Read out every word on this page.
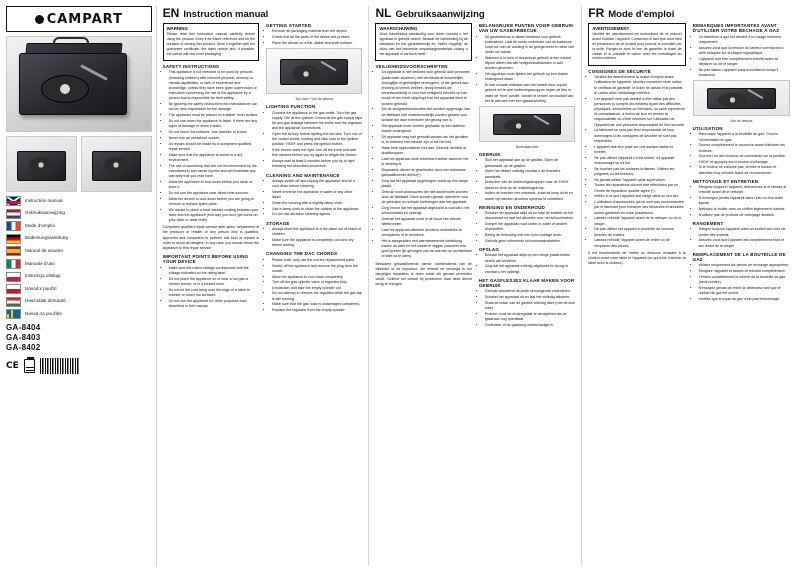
CAMPART
Instruction manual
Gebruiksaanwijzing
Mode d'emploi
Bedienungsanleitung
Manual de usuario
Manuale d'uso
Instrukcja obsługi
Návod k použití
Használati útmutató
Návod na použitie
GA-8404
GA-8403
GA-8402
CE
EN Instruction manual
WARNING

Please read this instruction manual carefully before using the product. Keep it for future reference and for the duration of owning this product. Store it together with the guarantee certificate, the sales receipt and, if possible, the carton with the inner packaging.

SAFETY INSTRUCTIONS
• This appliance is not intended to be used by persons (including children) with reduced physical, sensory or mental capabilities, or lack of experience and knowledge, unless they have been given supervision or instruction concerning the use of the appliance by a person that is responsible for their safety.
• By ignoring the safety instructions the manufacturer can not be held responsible for the damage.
• The appliance must be placed on a stable, level surface.
• Do not use when the appliance is fallen, if there are any signs of damage or when it leaks.
• Do not touch hot surfaces. Use handles or knobs.
• Never use an unearthed socket.
• All repairs should be made by a competent qualified repair service.
• Make sure that the appliance is stored in a dry environment.
• The use of accessory that are not recommended by the manufacturer can cause injuries and will invalidate any warranty that you may have.
• Allow the appliance to cool down before you clean or store it.
• Do not use the appliance near direct heat sources.
• Allow the device to cool down before you are going to remove or replace spare parts.
• We advise to place a heat insulant coating between your table and the appliance (this way you don't get burns on your table or table cloth).

Competent qualified repair service after sales: department of the producer or retailer or any person who is qualified, approved and competent to perform this kind of repairs in order to avoid all dangers. In any case you should return the appliance to this repair service.

IMPORTANT POINTS BEFORE USING YOUR DEVICE
• Make sure the mains voltage corresponds with the voltage indicated on the rating label.
• Do not place the appliance on or near a hot gas or electric burner, or in a heated oven.
• Do not let the cord hang over the edge of a table or counter or touch hot surfaces.
• Do not use the appliance for other purposes than described in this manual.
GETTING STARTED
• Remove all packaging material from the device.
• Check that all the parts of the device are present.
• Place the device on a flat, stable and level surface.

Top view / Vue du dessus

LIGHTING FUNCTION
• Connect the appliance to the gas bottle. Turn the gas supply 'ON' at the cylinder. Check all the gas supply taps for any gas leakage between the bottle and the regulator and the appliance connections.
• Open the lid fully before lighting the burners. Turn one of the control knobs, holding and click onto to the ignition position 'HIGH' and press the ignition button.
• If the burner does not light, turn off the knob and wait five minutes before you try again to relight the burner.
• Always wait at least 5 minutes before you try to light following the described procedure.
CLEANING AND MAINTENANCE
• Always switch off and unplug the appliance and let it cool down before cleaning.
• Never immerse the appliance in water or any other liquid.
• Clean the housing with a slightly damp cloth.
• Use a damp cloth to clean the outside of the appliance.
• Do not use abrasive cleaning agents.
STORAGE
• Always store the appliance in a dry place out of reach of children.
• Make sure the appliance is completely cool and dry before storing.
CHANGING THE DAC CHORDS
• Please note: only use the correct replacement parts.
• Switch off the appliance and remove the plug from the socket.
• Allow the appliance to cool down completely.
• Turn off the gas cylinder valve or regulator fully (clockwise) and take the empty cylinder out.
• Do not attempt to remove the regulator while the gas tap is still running.
• Make sure that the gas hose is undamaged completely.
• Replace the regulator from the empty cylinder.
NL Gebruiksaanwijzing
WAARSCHUWING

Deze handleiding aandachtig door lezen voordat u het apparaat in gebruik neemt. Bewaar de handleiding bij de kassabon en het garantiebewijs en, indien mogelijk, de doos met het binnenste verpakkingsmateriaal zolang u het apparaat in uw bezit heeft.

VEILIGHEIDSVOORSCHRIFTEN
• Dit apparaat is niet bedoeld voor gebruik door personen (waaronder kinderen) met verminderde lichamelijke, zintuiglijke of geestelijke vermogens, of die gebrek aan ervaring of kennis hebben, tenzij iemand die verantwoordelijk is voor hun veiligheid toezicht op hen houdt of hen heeft uitgelegd hoe het apparaat dient te worden gebruikt.
• Als de veiligheidsinstructies niet worden opgevolgd, kan de fabrikant niet verantwoordelijk worden gesteld voor schade die daar eventueel het gevolg van is.
• Het apparaat moet worden geplaatst op een stabiele, vlakke ondergrond.
• Dit apparaat mag niet gebruikt worden als het gevallen is, er tekenen van schade zijn of als het lekt.
• Raak hete oppervlakken niet aan. Gebruik hendels of draaiknoppen.
• Laat het apparaat nooit onbeheerd achter wanneer het in werking is.
• Reparaties dienen te geschieden door een bekwame gekwalificeerde dienst(*).
• Zorg dat het apparaat opgeborgen wordt op een droge plaats.
• Gebruik nooit accessoires die niet aanbevolen worden door de fabrikant. Deze kunnen gevaar opleveren voor de gebruiker en schade toebrengen aan het apparaat.
• Zorg ervoor dat het apparaat afgekoeld is voordat u het schoonmaakt en opbergt.
• Gebruik het apparaat nooit in de buurt van directe hittebronnen.
• Laat het apparaat afkoelen alvorens onderdelen te verwijderen of te monteren.
• Het is aangeraden een warmtewerende bedekking tussen de tafel en het toestel te leggen (wanneer een goed ijzeren lijn gevolgen van de warmte op uw tafelblad of tafel na te laten).

Bekwame gekwalificeerde dienst: klantendienst van de fabrikant of de importeur, die erkend en bevoegd is om dergelijke reparaties te doen zodat elk gevaar vermeden wordt. Gelieve het toestel bij problemen naar deze dienst terug te brengen.

BELANGRIJKE PUNTEN VOOR GEBRUIK VAN UW GASBARBECUE
• Dit gasbarbecue is alleen bestemd voor gebruik buitenshuis. Laat de ronde onderkant van de barbecue nooit toe met de voeding in de gelegenheid en deze niet onder uw hoede.
• Wanneer u in huis of binnenhuis gebruik is een toestel blijven alleen dat alle veiligheidsafstanden in acht worden genomen.
• Het apparaat moet tijdens het gebruik op een vlakke ondergrond staan.
• Er kan schade ontstaan aan het toestel door onjuist gebruik en te veel bedieningsknoppen tegen de fles in vaste de 'front' positie, zonder te breken de koolstof van het te warmen met een gasaansluiting.

Bovenaanzicht

GEBRUIK
• Sluit het apparaat aan op de gasfles. Open de gastoevoer op de gasfles.
• Open het deksel volledig voordat u de branders aansteekt.
• Draai één van de bedieningsknoppen naar de 'HIGH' stand en druk op de ontstekingsknop.
• Indien de brander niet ontsteekt, draai de knop dicht en wacht vijf minuten alvorens opnieuw te ontsteken.
REINIGING EN ONDERHOUD
• Schakel het apparaat altijd uit en haal de stekker uit het stopcontact en laat het afkoelen voor het schoonmaken.
• Dompel het apparaat nooit onder in water of andere vloeistoffen.
• Reinig de behuizing met een licht vochtige doek.
• Gebruik geen schurende schoonmaakmiddelen.
OPSLAG
• Bewaar het apparaat altijd op een droge plaats buiten bereik van kinderen.
• Zorg dat het apparaat volledig afgekoeld en droog is voordat u het opbergt.
HET GASFLESJES KLAAR MAKEN VOOR GEBRUIK
• Gebruik uitsluitend de juiste vervangende onderdelen.
• Schakel het apparaat uit en laat het volledig afkoelen.
• Draai de kraan van de gasfles volledig dicht (met de klok mee).
• Probeer nooit de drukregelaar te verwijderen als de gaskraan nog openstaat.
• Controleer of de gasslang onbeschadigd is.
FR Mode d'emploi
AVERTISSEMENT

Veuillez lire attentivement les instructions de ce manuel avant d'utiliser l'appareil. Conservez-le tant que vous êtes en possession de ce produit pour pouvoir le consulter par la suite. Rangez-le avec le bon de garantie, le ticket de caisse et si possible le carton avec les emballages au niveau intérieur.

CONSIGNES DE SÉCURITÉ
• Veuillez lire attentivement la notice d'emploi avant l'utilisation de l'appareil. Veuillez conserver cette notice, le certificat de garantie, le ticket de caisse et si possible, le carton avec l'emballage intérieur.
• Cet appareil n'est pas destiné à être utilisé par des personnes (y compris les enfants) ayant des difficultés physiques, sensorielles ou mentales, ou sans expérience et connaissance, à moins de leur en donner la responsabilité ou d'être informés sur l'utilisation de l'appareil par une personne responsable de leur sécurité.
• Le fabricant ne sera pas tenu responsable de tous dommages si les consignes de sécurité ne sont pas respectées.
• L'appareil doit être posé sur une surface stable et nivelée.
• Ne pas utiliser l'appareil s'il est tombé, s'il apparaît endommagé ou s'il fuit.
• Ne touchez pas les surfaces brûlantes. Utilisez les poignées ou les boutons.
• Ne jamais utiliser l'appareil sans supervision.
• Toutes les réparations doivent être effectuées par un Centre de réparation qualifié agréé (*).
• Veillez à ce que l'appareil soit rangé dans un lieu sec.
• L'utilisation d'accessoires qui ne sont pas recommandés par le fabricant peut entraîner des blessures et annulera toutes garanties en votre possession.
• Laissez refroidir l'appareil avant de le nettoyer ou de le ranger.
• Ne pas utiliser cet appareil à proximité de sources directes de chaleur.
• Laissez refroidir l'appareil avant de retirer ou de remplacer des pièces.

Il est recommandé de mettre un dessous résistant à la chaleur entre votre table et l'appareil (ce qui évite d'abîmer la table avec la chaleur).

REMARQUES IMPORTANTES AVANT D'UTILISER VOTRE BÉCHAGE À GAZ
• Ce barbecue à gaz est destiné à un usage extérieur uniquement.
• Assurez-vous que la tension du secteur correspond à celle indiquée sur la plaque signalétique.
• L'appareil doit être complètement refroidi avant de déplacer ou de le ranger.
• Ne pas laisser l'appareil sans surveillance lorsqu'il fonctionne.

Vue du dessus

UTILISATION
• Raccordez l'appareil à la bouteille de gaz. Ouvrez l'alimentation en gaz.
• Ouvrez complètement le couvercle avant d'allumer les brûleurs.
• Tournez l'un des boutons de commande sur la position 'HIGH' et appuyez sur le bouton d'allumage.
• Si le brûleur ne s'allume pas, fermez le bouton et attendez cinq minutes avant de recommencer.
NETTOYAGE ET ENTRETIEN
• Éteignez toujours l'appareil, débranchez-le et laissez-le refroidir avant de le nettoyer.
• N'immergez jamais l'appareil dans l'eau ou tout autre liquide.
• Nettoyez le boîtier avec un chiffon légèrement humide.
• N'utilisez pas de produits de nettoyage abrasifs.
RANGEMENT
• Rangez toujours l'appareil dans un endroit sec hors de portée des enfants.
• Assurez-vous que l'appareil est complètement froid et sec avant de le ranger.
REMPLACEMENT DE LA BOUTEILLE DE GAZ
• Utilisez uniquement les pièces de rechange appropriées.
• Éteignez l'appareil et laissez-le refroidir complètement.
• Fermez complètement le robinet de la bouteille de gaz (sens horaire).
• N'essayez jamais de retirer le détendeur tant que le robinet de gaz est ouvert.
• Vérifiez que le tuyau de gaz n'est pas endommagé.
